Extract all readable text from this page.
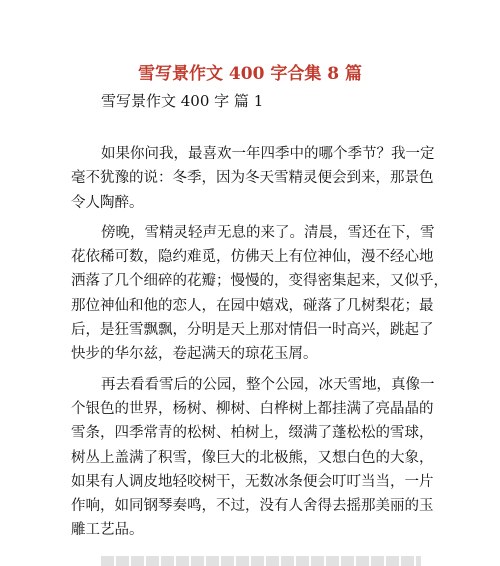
雪写景作文 400 字合集 8 篇
雪写景作文 400 字 篇 1

如果你问我，最喜欢一年四季中的哪个季节？我一定
毫不犹豫的说：冬季，因为冬天雪精灵便会到来，那景色
令人陶醉。

傍晚，雪精灵轻声无息的来了。清晨，雪还在下，雪
花依稀可数，隐约难觅，仿佛天上有位神仙，漫不经心地
洒落了几个细碎的花瓣；慢慢的，变得密集起来，又似乎，
那位神仙和他的恋人，在园中嬉戏，碰落了几树梨花；最
后，是狂雪飘飘，分明是天上那对情侣一时高兴，跳起了
快步的华尔兹，卷起满天的琼花玉屑。

再去看看雪后的公园，整个公园，冰天雪地，真像一
个银色的世界，杨树、柳树、白桦树上都挂满了亮晶晶的
雪条，四季常青的松树、柏树上，缀满了蓬松松的雪球，
树丛上盖满了积雪，像巨大的北极熊，又想白色的大象，
如果有人调皮地轻咬树干，无数冰条便会叮叮当当，一片
作响，如同钢琴奏鸣，不过，没有人舍得去摇那美丽的玉
雕工艺品。
